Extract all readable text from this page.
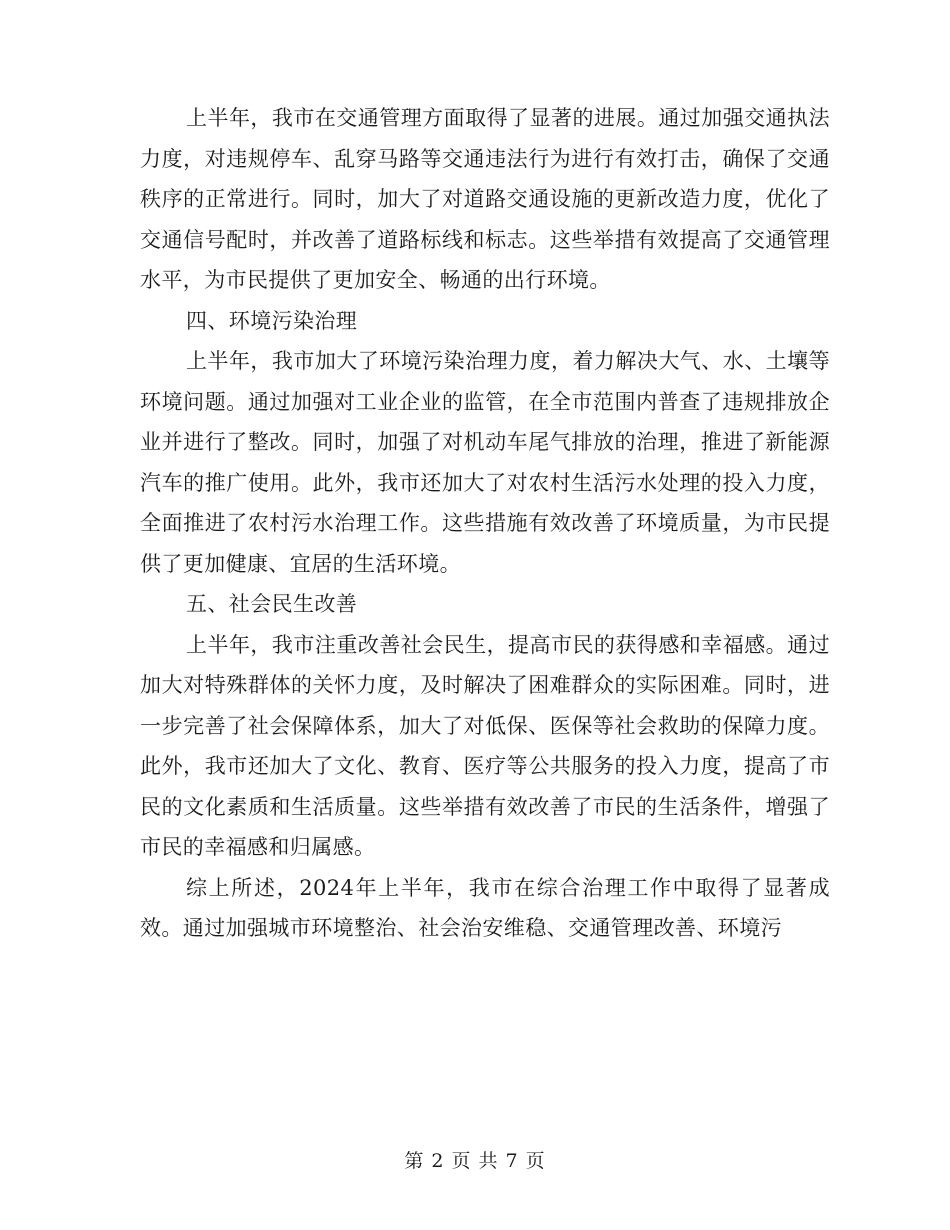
上半年，我市在交通管理方面取得了显著的进展。通过加强交通执法力度，对违规停车、乱穿马路等交通违法行为进行有效打击，确保了交通秩序的正常进行。同时，加大了对道路交通设施的更新改造力度，优化了交通信号配时，并改善了道路标线和标志。这些举措有效提高了交通管理水平，为市民提供了更加安全、畅通的出行环境。

四、环境污染治理

上半年，我市加大了环境污染治理力度，着力解决大气、水、土壤等环境问题。通过加强对工业企业的监管，在全市范围内普查了违规排放企业并进行了整改。同时，加强了对机动车尾气排放的治理，推进了新能源汽车的推广使用。此外，我市还加大了对农村生活污水处理的投入力度，全面推进了农村污水治理工作。这些措施有效改善了环境质量，为市民提供了更加健康、宜居的生活环境。

五、社会民生改善

上半年，我市注重改善社会民生，提高市民的获得感和幸福感。通过加大对特殊群体的关怀力度，及时解决了困难群众的实际困难。同时，进一步完善了社会保障体系，加大了对低保、医保等社会救助的保障力度。此外，我市还加大了文化、教育、医疗等公共服务的投入力度，提高了市民的文化素质和生活质量。这些举措有效改善了市民的生活条件，增强了市民的幸福感和归属感。

综上所述，2024年上半年，我市在综合治理工作中取得了显著成效。通过加强城市环境整治、社会治安维稳、交通管理改善、环境污

第 2 页 共 7 页
